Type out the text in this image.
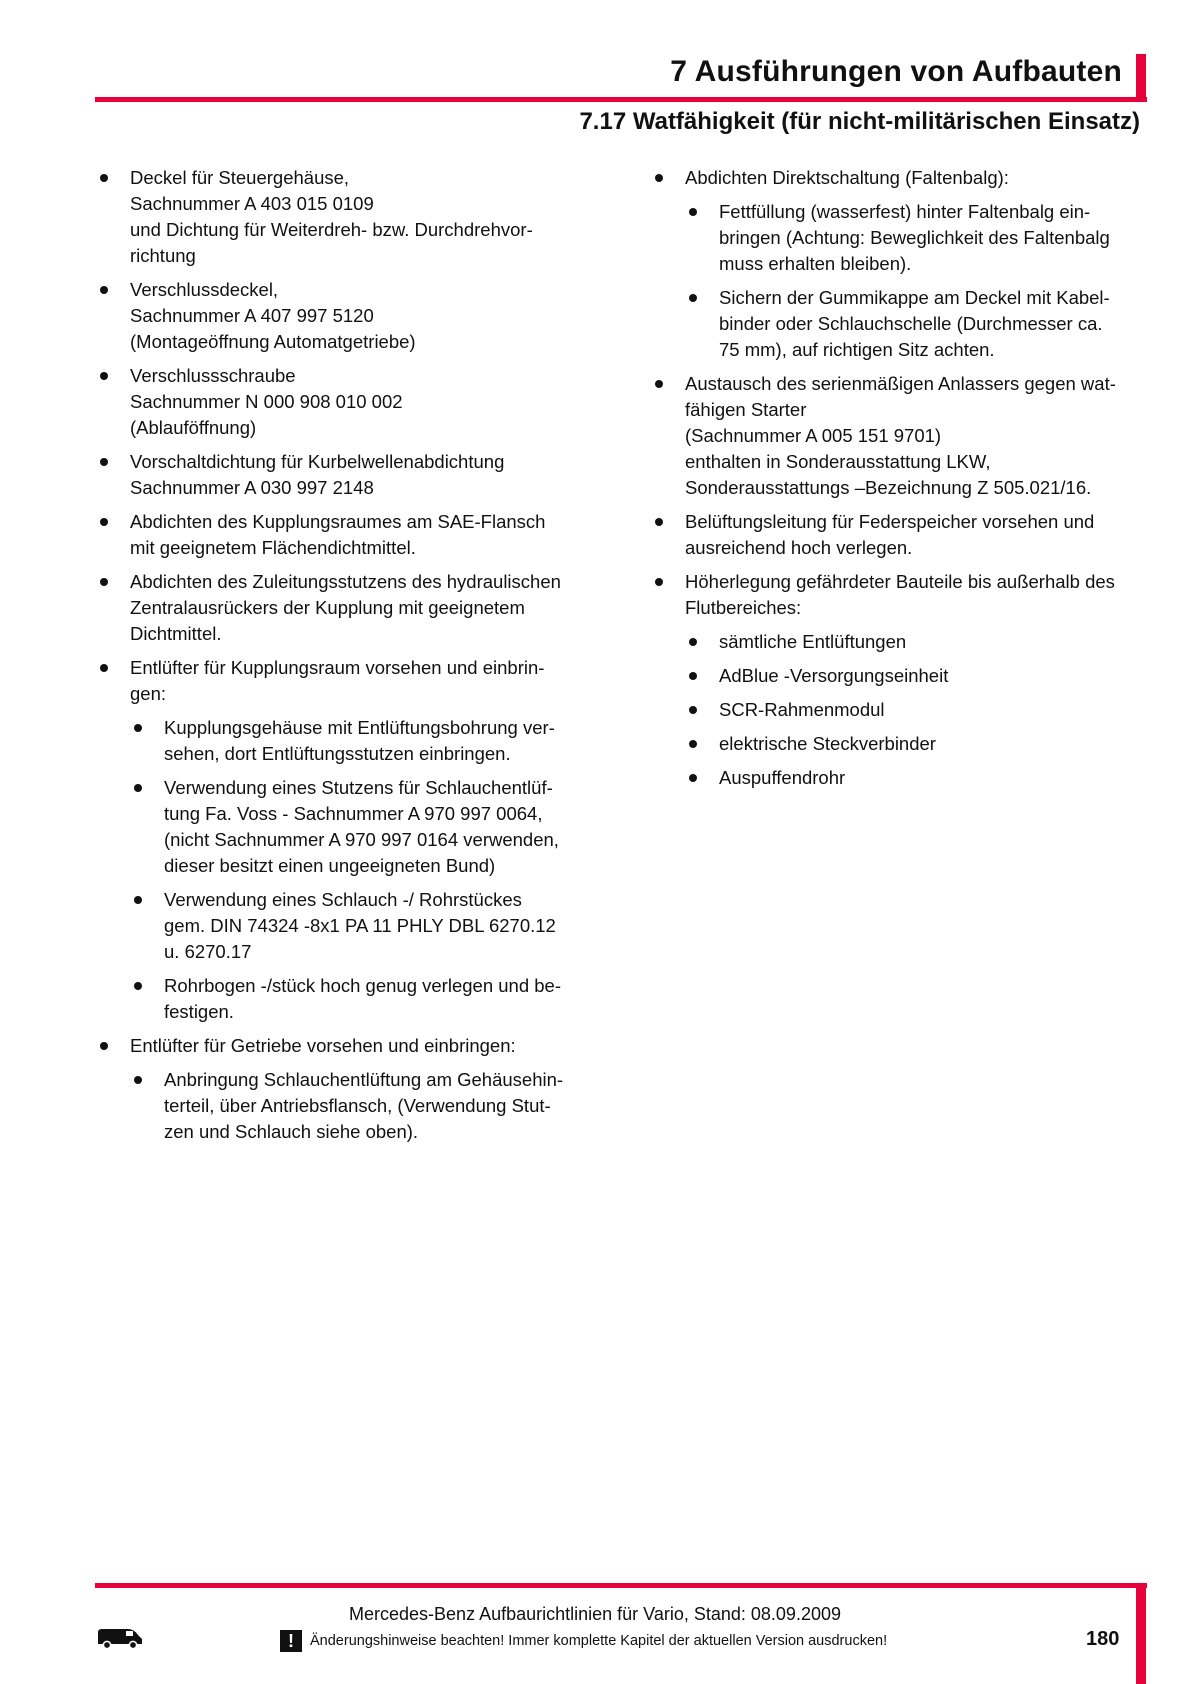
7 Ausführungen von Aufbauten
7.17 Watfähigkeit (für nicht-militärischen Einsatz)
Deckel für Steuergehäuse,
Sachnummer A 403 015 0109
und Dichtung für Weiterdreh- bzw. Durchdrehvor-
richtung
Verschlussdeckel,
Sachnummer A 407 997 5120
(Montageöffnung Automatgetriebe)
Verschlussschraube
Sachnummer N 000 908 010 002
(Ablauföffnung)
Vorschaltdichtung für Kurbelwellenabdichtung
Sachnummer A 030 997 2148
Abdichten des Kupplungsraumes am SAE-Flansch
mit geeignetem Flächendichtmittel.
Abdichten des Zuleitungsstutzens des hydraulischen
Zentralausrückers der Kupplung mit geeignetem
Dichtmittel.
Entlüfter für Kupplungsraum vorsehen und einbrin-
gen:
Kupplungsgehäuse mit Entlüftungsbohrung ver-
sehen, dort Entlüftungsstutzen einbringen.
Verwendung eines Stutzens für Schlauchentlüf-
tung Fa. Voss - Sachnummer A 970 997 0064,
(nicht Sachnummer A 970 997 0164 verwenden,
dieser besitzt einen ungeeigneten Bund)
Verwendung eines Schlauch -/ Rohrstückes
gem. DIN 74324 -8x1 PA 11 PHLY DBL 6270.12
u. 6270.17
Rohrbogen -/stück hoch genug verlegen und be-
festigen.
Entlüfter für Getriebe vorsehen und einbringen:
Anbringung Schlauchentlüftung am Gehäusehin-
terteil, über Antriebsflansch, (Verwendung Stut-
zen und Schlauch siehe oben).
Abdichten Direktschaltung (Faltenbalg):
Fettfüllung (wasserfest) hinter Faltenbalg ein-
bringen (Achtung: Beweglichkeit des Faltenbalg
muss erhalten bleiben).
Sichern der Gummikappe am Deckel mit Kabel-
binder oder Schlauchschelle (Durchmesser ca.
75 mm), auf richtigen Sitz achten.
Austausch des serienmäßigen Anlassers gegen wat-
fähigen Starter
(Sachnummer A 005 151 9701)
enthalten in Sonderausstattung LKW,
Sonderausstattungs –Bezeichnung Z 505.021/16.
Belüftungsleitung für Federspeicher vorsehen und
ausreichend hoch verlegen.
Höherlegung gefährdeter Bauteile bis außerhalb des
Flutbereiches:
sämtliche Entlüftungen
AdBlue -Versorgungseinheit
SCR-Rahmenmodul
elektrische Steckverbinder
Auspuffendrohr
Mercedes-Benz Aufbaurichtlinien für Vario, Stand: 08.09.2009
!	Änderungshinweise beachten! Immer komplette Kapitel der aktuellen Version ausdrucken!	180
